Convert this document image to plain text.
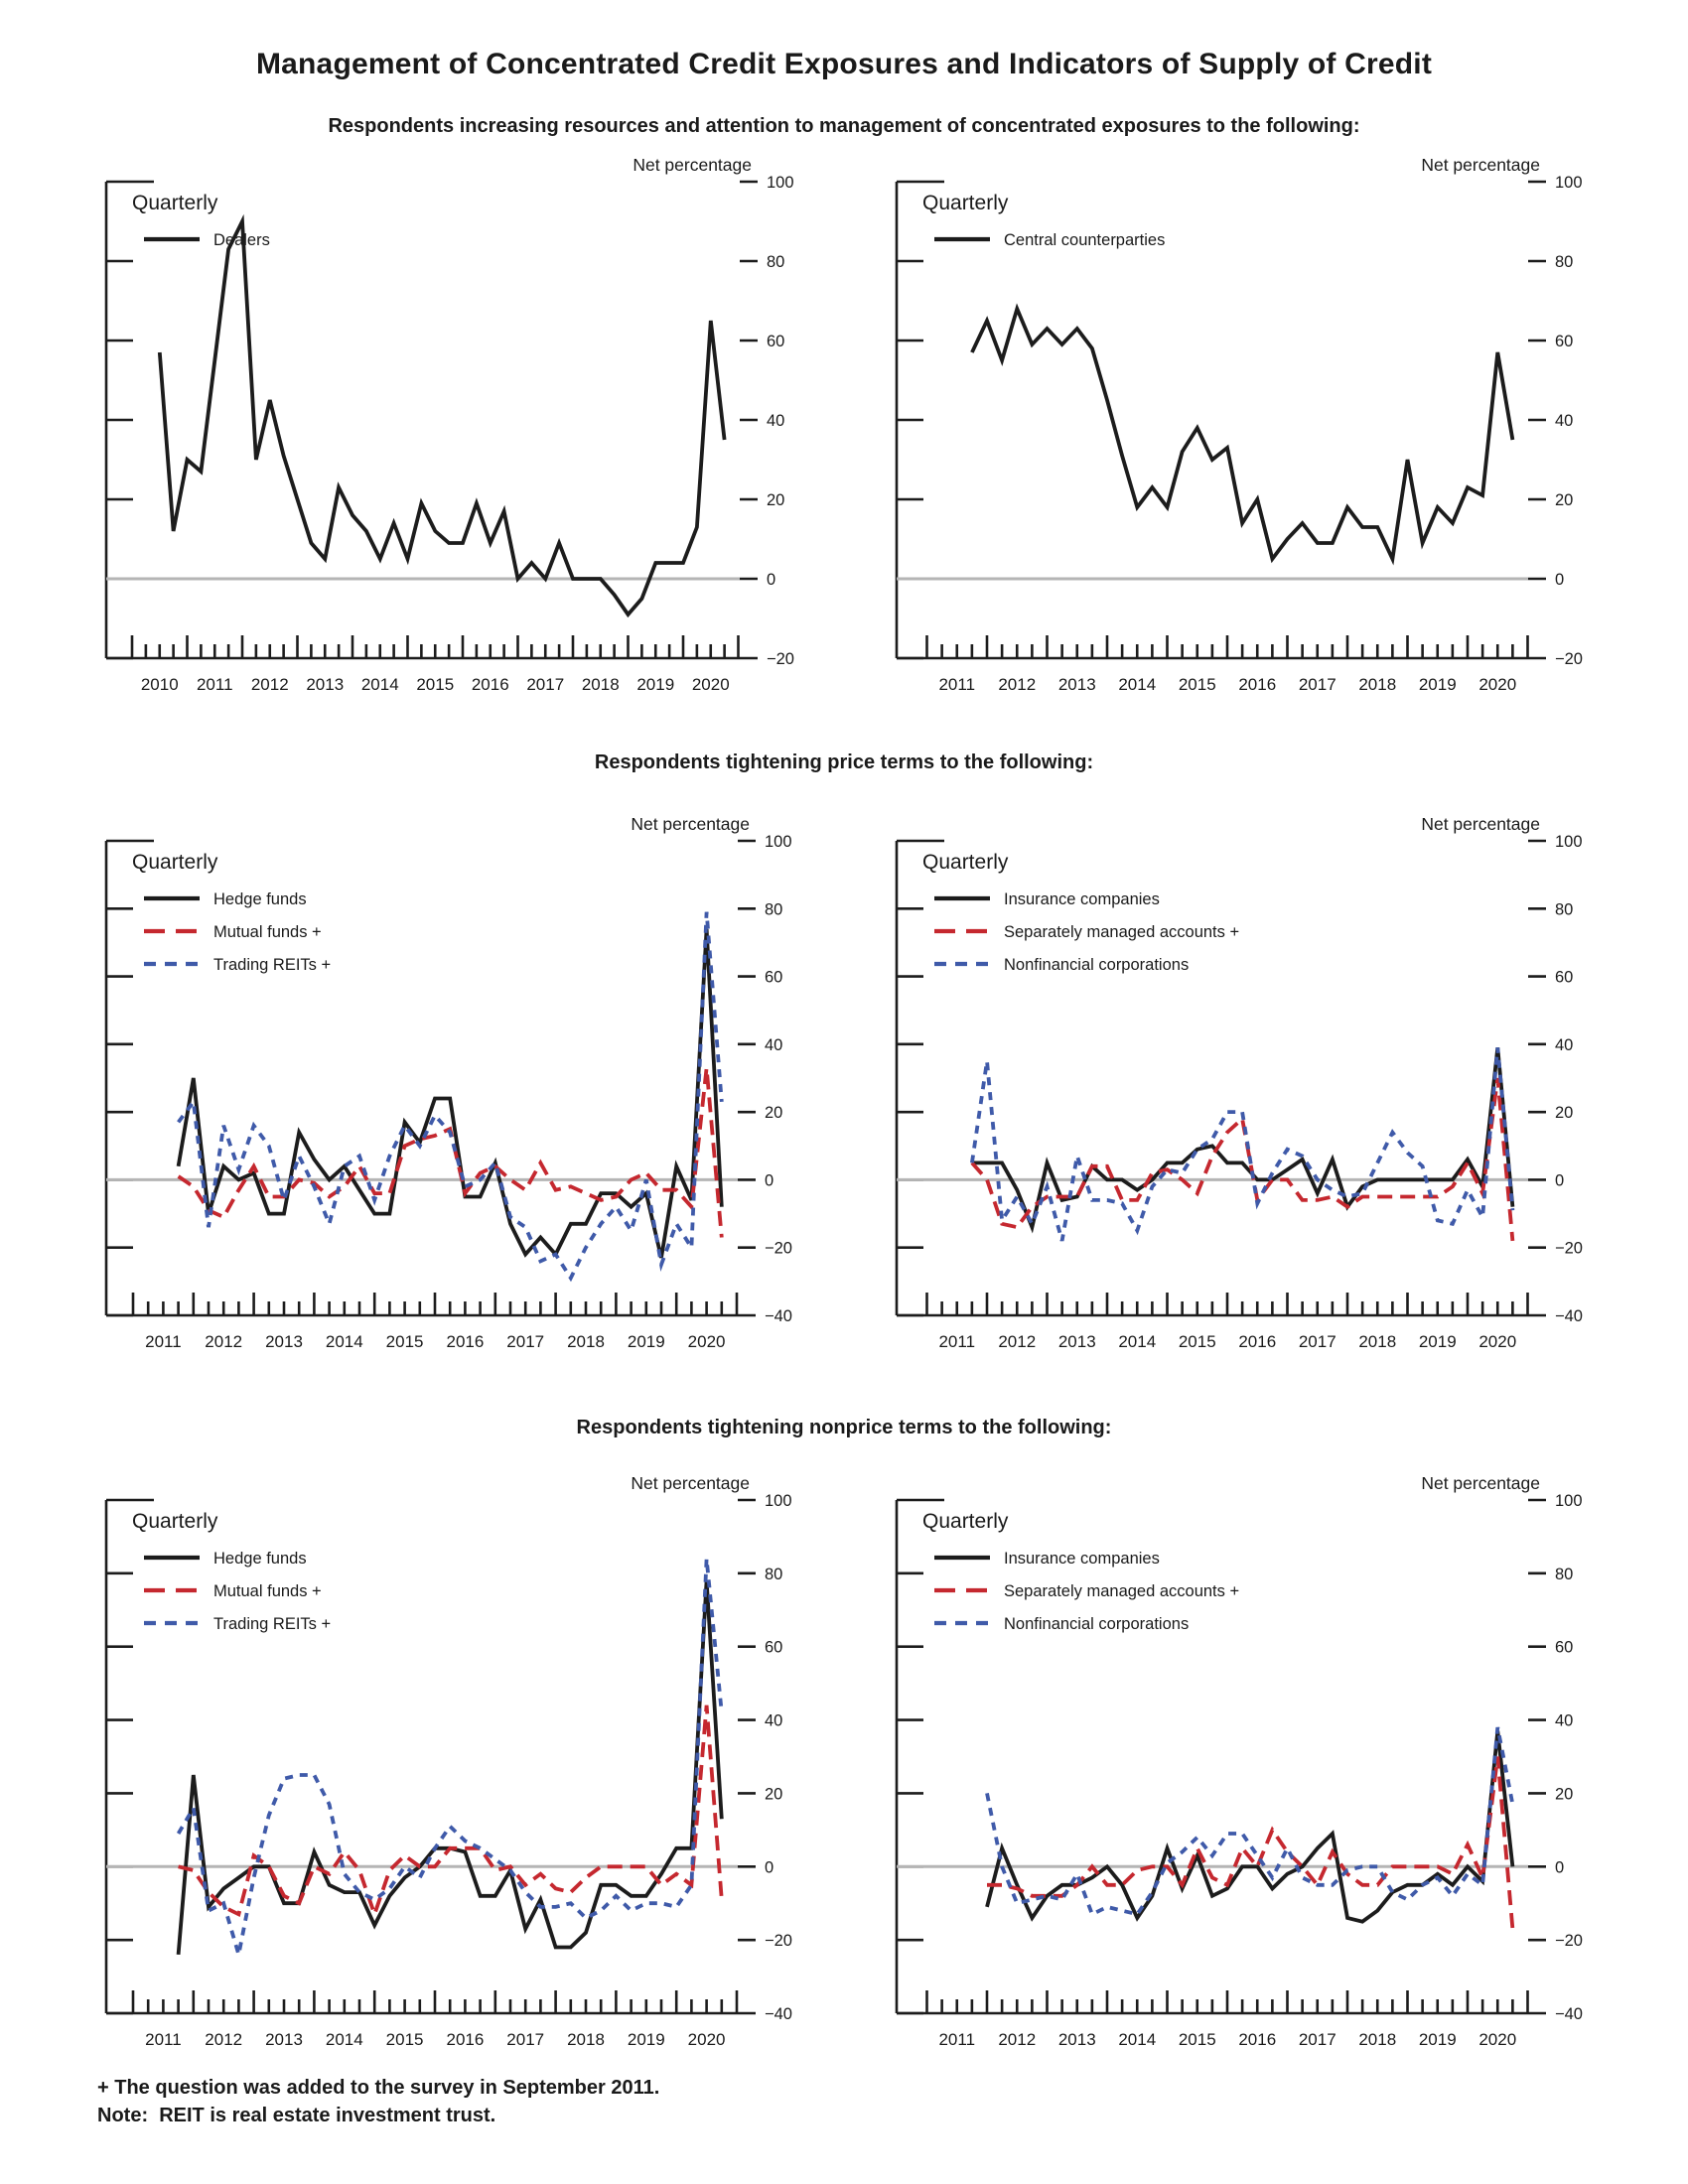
Management of Concentrated Credit Exposures and Indicators of Supply of Credit
Respondents increasing resources and attention to management of concentrated exposures to the following:
Respondents tightening price terms to the following:
Respondents tightening nonprice terms to the following:
−20
0
20
40
60
80
100
2010 2011 2012 2013 2014 2015 2016 2017 2018 2019 2020
Net percentage
Quarterly
Dealers
−20
0
20
40
60
80
100
2011 2012 2013 2014 2015 2016 2017 2018 2019 2020
Net percentage
Quarterly
Central counterparties
−40
−20
0
20
40
60
80
100
2011 2012 2013 2014 2015 2016 2017 2018 2019 2020
Net percentage
Quarterly
Hedge funds
Mutual funds +
Trading REITs +
−40
−20
0
20
40
60
80
100
2011 2012 2013 2014 2015 2016 2017 2018 2019 2020
Net percentage
Quarterly
Insurance companies
Separately managed accounts +
Nonfinancial corporations
−40
−20
0
20
40
60
80
100
2011 2012 2013 2014 2015 2016 2017 2018 2019 2020
Net percentage
Quarterly
Hedge funds
Mutual funds +
Trading REITs +
−40
−20
0
20
40
60
80
100
2011 2012 2013 2014 2015 2016 2017 2018 2019 2020
Net percentage
Quarterly
Insurance companies
Separately managed accounts +
Nonfinancial corporations
+ The question was added to the survey in September 2011.
Note:  REIT is real estate investment trust.
